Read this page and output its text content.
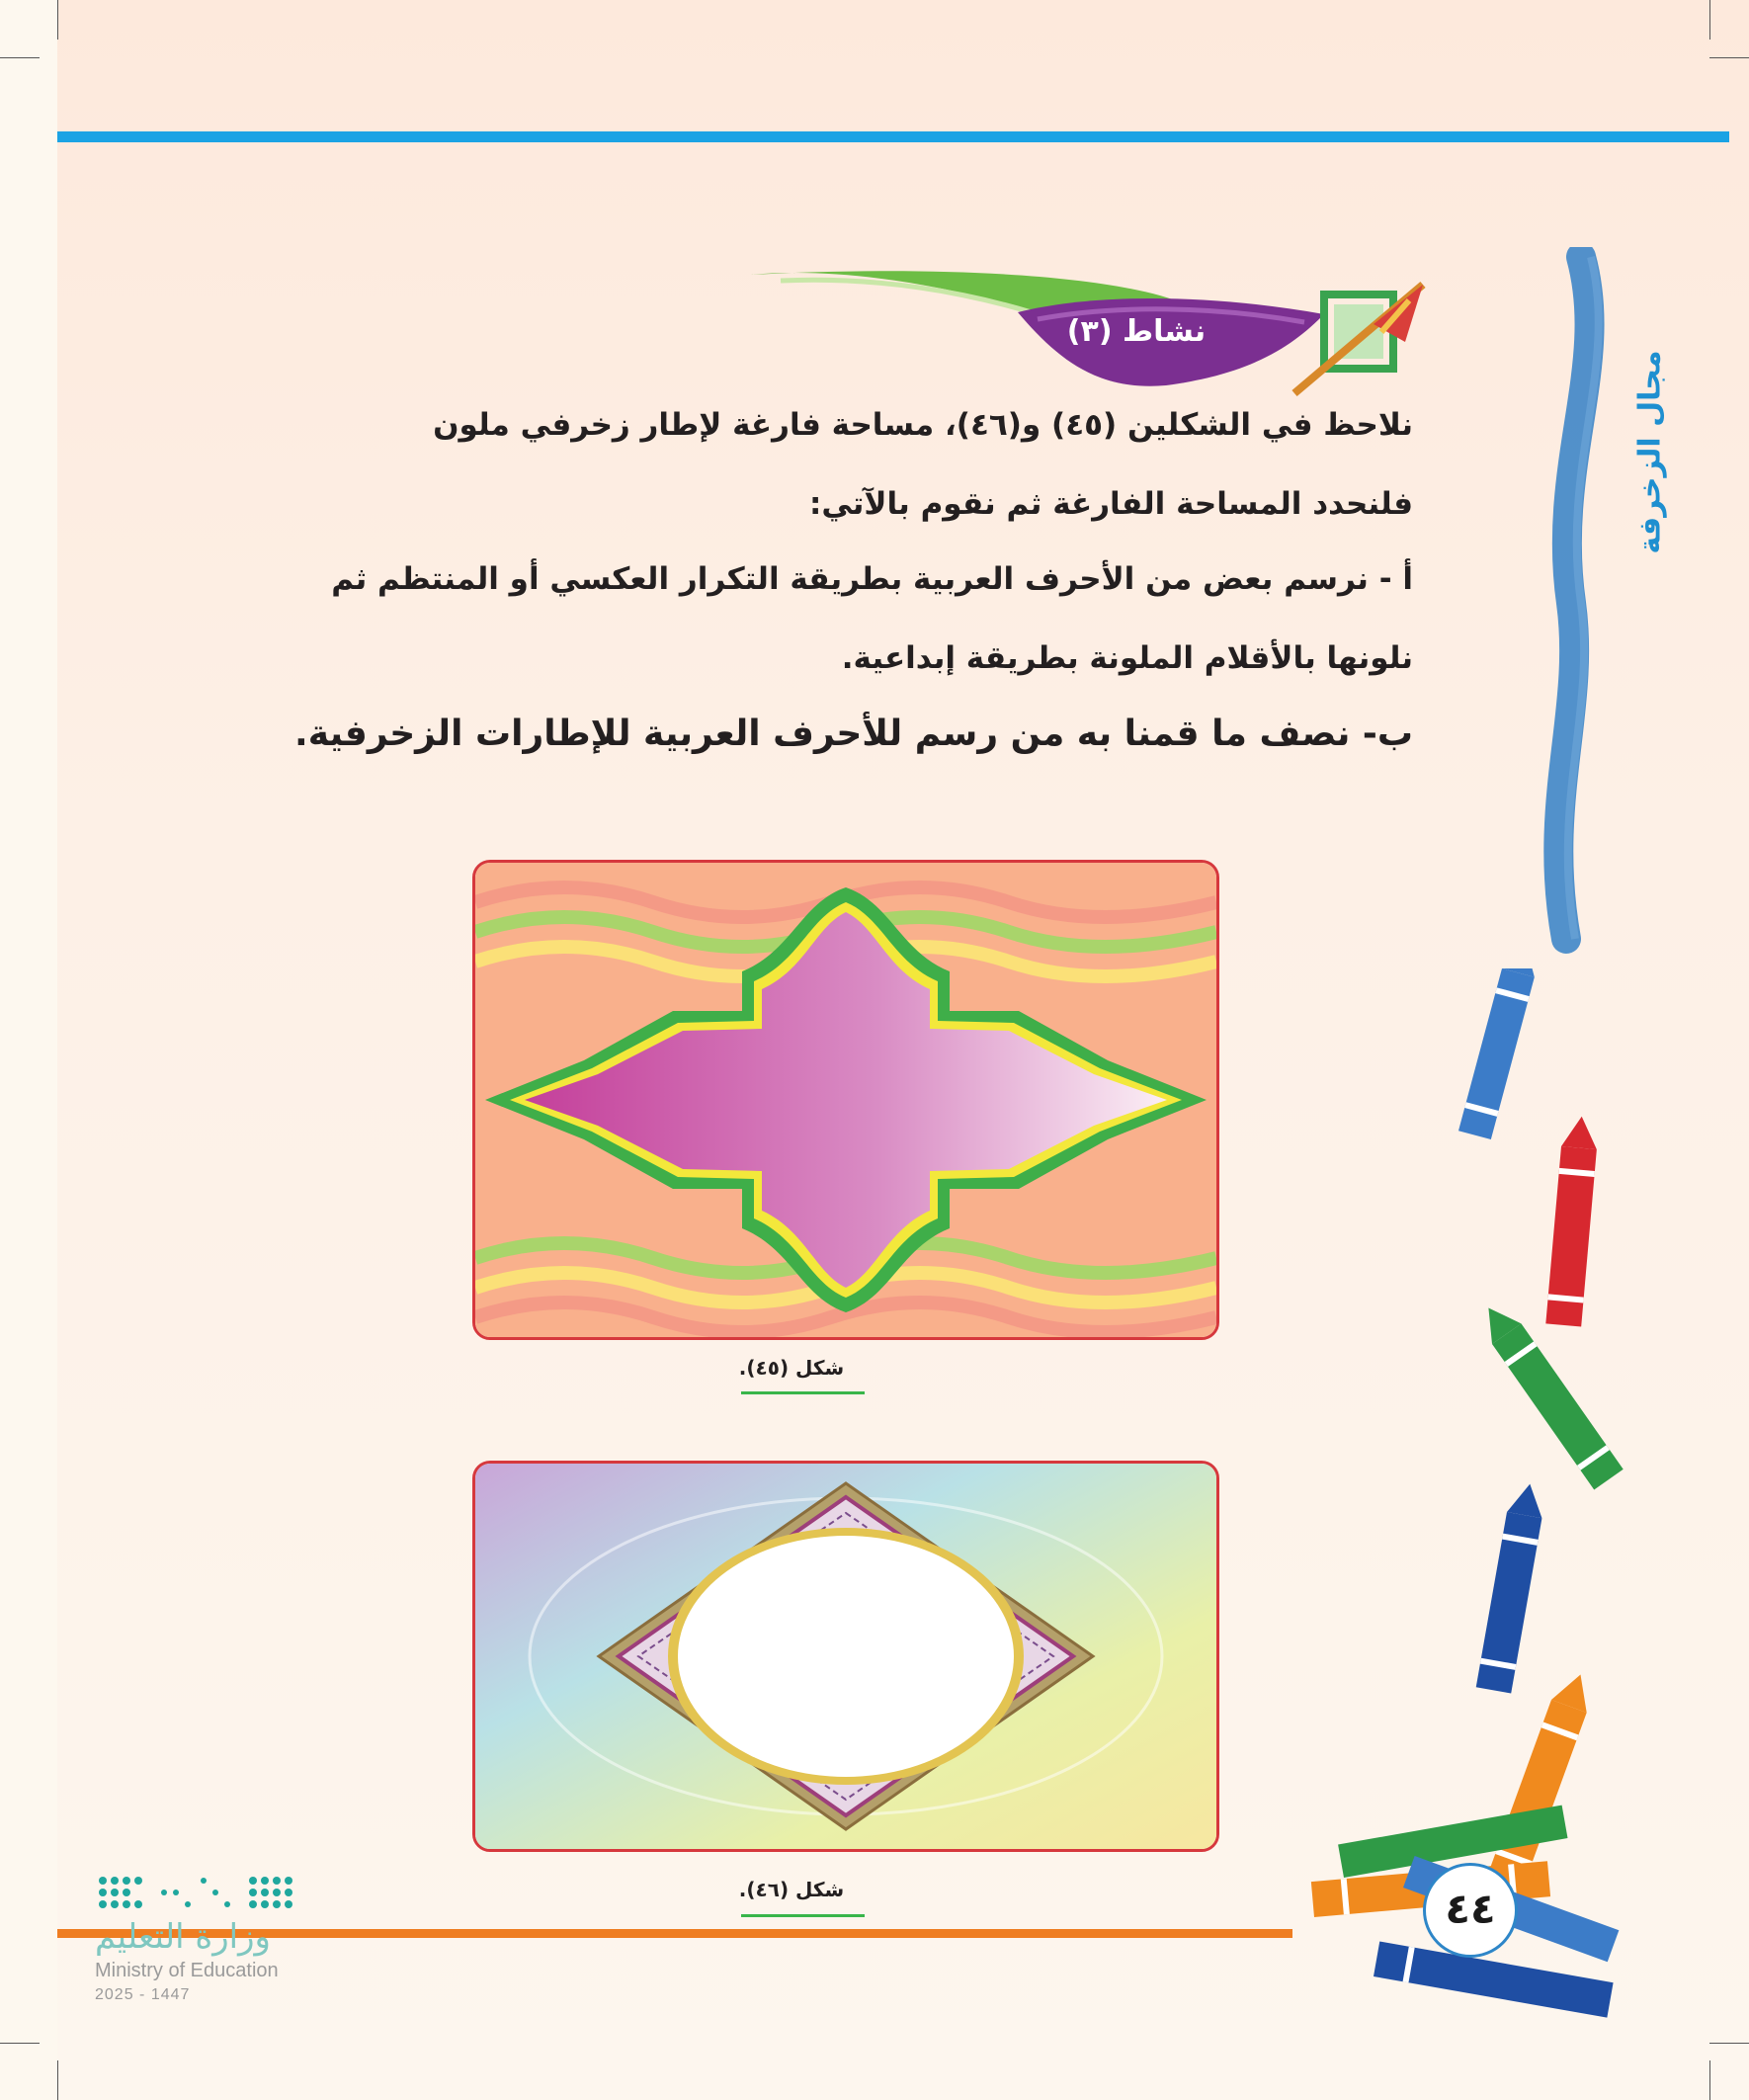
مجال الزخرفة
نشاط (٣)
نلاحظ في الشكلين (٤٥) و(٤٦)، مساحة فارغة لإطار زخرفي ملون
فلنحدد المساحة الفارغة ثم نقوم بالآتي:
أ - نرسم بعض من الأحرف العربية بطريقة التكرار العكسي أو المنتظم ثم
نلونها بالأقلام الملونة بطريقة إبداعية.
ب- نصف ما قمنا به من رسم للأحرف العربية للإطارات الزخرفية.
شكل (٤٥).
شكل (٤٦).	٤٤
وزارة التعليم
Ministry of Education
2025 - 1447
